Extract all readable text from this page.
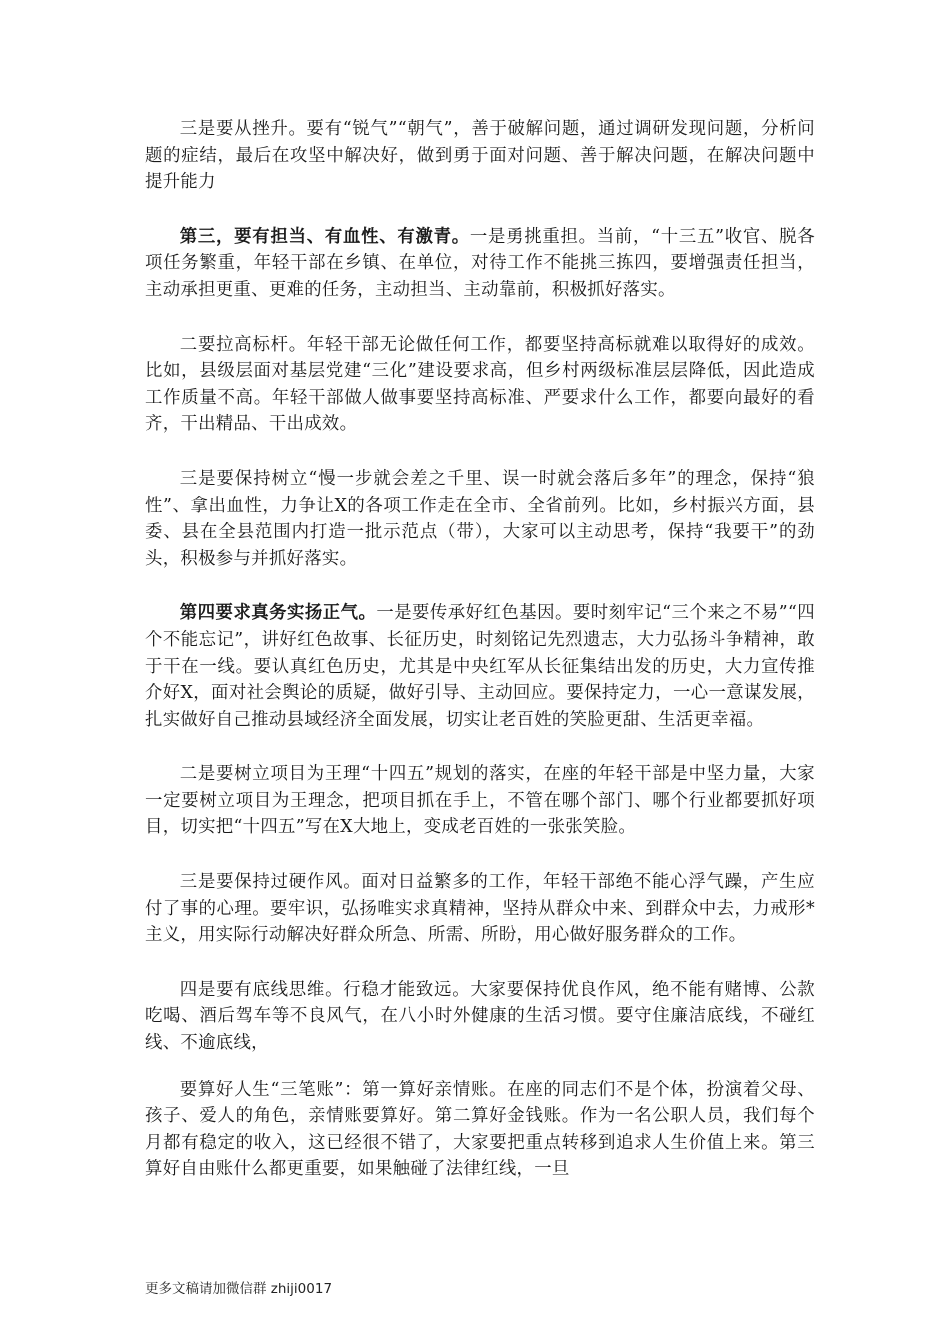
三是要从挫升。要有“锐气”“朝气”，善于破解问题，通过调研发现问题，分析问题的症结，最后在攻坚中解决好，做到勇于面对问题、善于解决问题，在解决问题中提升能力

第三，要有担当、有血性、有激青。一是勇挑重担。当前，“十三五”收官、脱各项任务繁重，年轻干部在乡镇、在单位，对待工作不能挑三拣四，要增强责任担当，主动承担更重、更难的任务，主动担当、主动靠前，积极抓好落实。

二要拉高标杆。年轻干部无论做任何工作，都要坚持高标就难以取得好的成效。比如，县级层面对基层党建“三化”建设要求高，但乡村两级标准层层降低，因此造成工作质量不高。年轻干部做人做事要坚持高标准、严要求什么工作，都要向最好的看齐，干出精品、干出成效。

三是要保持树立“慢一步就会差之千里、误一时就会落后多年”的理念，保持“狼性”、拿出血性，力争让X的各项工作走在全市、全省前列。比如，乡村振兴方面，县委、县在全县范围内打造一批示范点（带），大家可以主动思考，保持“我要干”的劲头，积极参与并抓好落实。

第四要求真务实扬正气。一是要传承好红色基因。要时刻牢记“三个来之不易”“四个不能忘记”，讲好红色故事、长征历史，时刻铭记先烈遗志，大力弘扬斗争精神，敢于干在一线。要认真红色历史，尤其是中央红军从长征集结出发的历史，大力宣传推介好X，面对社会舆论的质疑，做好引导、主动回应。要保持定力，一心一意谋发展，扎实做好自己推动县域经济全面发展，切实让老百姓的笑脸更甜、生活更幸福。

二是要树立项目为王理“十四五”规划的落实，在座的年轻干部是中坚力量，大家一定要树立项目为王理念，把项目抓在手上，不管在哪个部门、哪个行业都要抓好项目，切实把“十四五”写在X大地上，变成老百姓的一张张笑脸。

三是要保持过硬作风。面对日益繁多的工作，年轻干部绝不能心浮气躁，产生应付了事的心理。要牢识，弘扬唯实求真精神，坚持从群众中来、到群众中去，力戒形*主义，用实际行动解决好群众所急、所需、所盼，用心做好服务群众的工作。

四是要有底线思维。行稳才能致远。大家要保持优良作风，绝不能有赌博、公款吃喝、酒后驾车等不良风气，在八小时外健康的生活习惯。要守住廉洁底线，不碰红线、不逾底线，

要算好人生“三笔账”：第一算好亲情账。在座的同志们不是个体，扮演着父母、孩子、爱人的角色，亲情账要算好。第二算好金钱账。作为一名公职人员，我们每个月都有稳定的收入，这已经很不错了，大家要把重点转移到追求人生价值上来。第三算好自由账什么都更重要，如果触碰了法律红线，一旦

更多文稿请加微信群 zhiji0017
